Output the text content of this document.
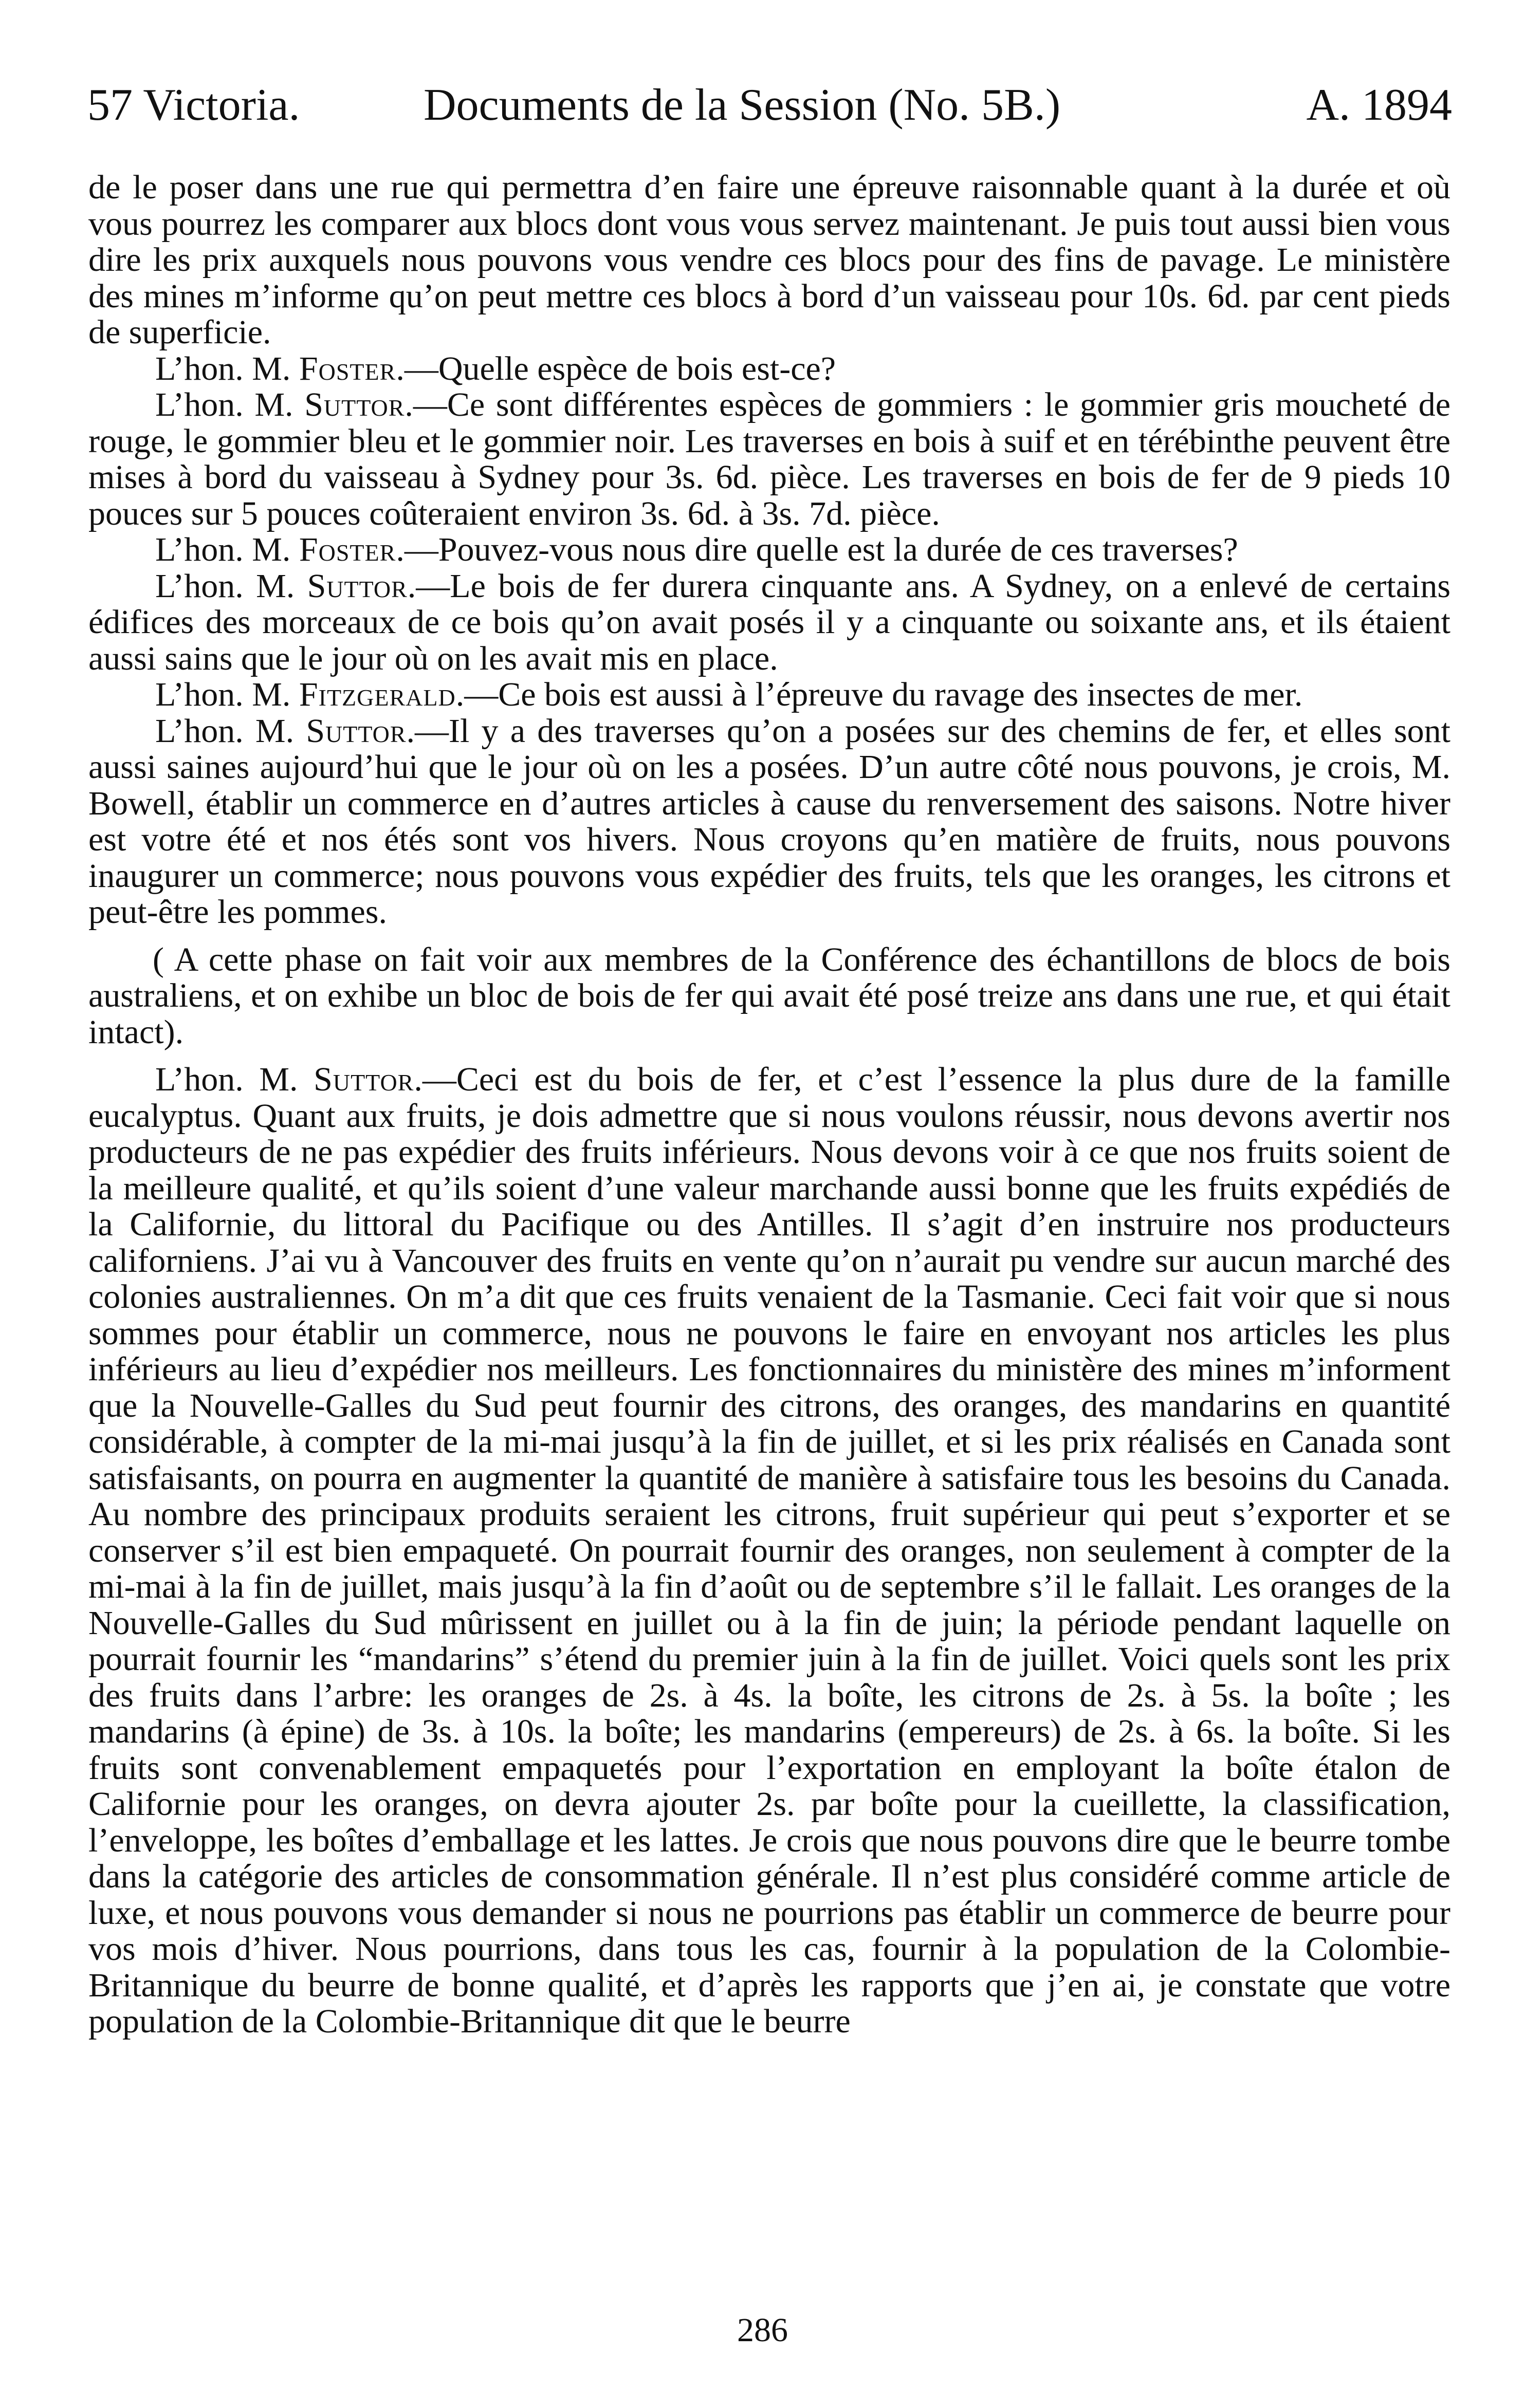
57 Victoria.	Documents de la Session (No. 5B.)	A. 1894

de le poser dans une rue qui permettra d’en faire une épreuve raisonnable quant à la durée et où vous pourrez les comparer aux blocs dont vous vous servez maintenant. Je puis tout aussi bien vous dire les prix auxquels nous pouvons vous vendre ces blocs pour des fins de pavage. Le ministère des mines m’informe qu’on peut mettre ces blocs à bord d’un vaisseau pour 10s. 6d. par cent pieds de superficie.

L’hon. M. Foster.—Quelle espèce de bois est-ce?

L’hon. M. Suttor.—Ce sont différentes espèces de gommiers : le gommier gris moucheté de rouge, le gommier bleu et le gommier noir. Les traverses en bois à suif et en térébinthe peuvent être mises à bord du vaisseau à Sydney pour 3s. 6d. pièce. Les traverses en bois de fer de 9 pieds 10 pouces sur 5 pouces coûteraient environ 3s. 6d. à 3s. 7d. pièce.

L’hon. M. Foster.—Pouvez-vous nous dire quelle est la durée de ces traverses?

L’hon. M. Suttor.—Le bois de fer durera cinquante ans. A Sydney, on a enlevé de certains édifices des morceaux de ce bois qu’on avait posés il y a cinquante ou soixante ans, et ils étaient aussi sains que le jour où on les avait mis en place.

L’hon. M. Fitzgerald.—Ce bois est aussi à l’épreuve du ravage des insectes de mer.

L’hon. M. Suttor.—Il y a des traverses qu’on a posées sur des chemins de fer, et elles sont aussi saines aujourd’hui que le jour où on les a posées. D’un autre côté nous pouvons, je crois, M. Bowell, établir un commerce en d’autres articles à cause du renversement des saisons. Notre hiver est votre été et nos étés sont vos hivers. Nous croyons qu’en matière de fruits, nous pouvons inaugurer un commerce; nous pouvons vous expédier des fruits, tels que les oranges, les citrons et peut-être les pommes.

( A cette phase on fait voir aux membres de la Conférence des échantillons de blocs de bois australiens, et on exhibe un bloc de bois de fer qui avait été posé treize ans dans une rue, et qui était intact).

L’hon. M. Suttor.—Ceci est du bois de fer, et c’est l’essence la plus dure de la famille eucalyptus. Quant aux fruits, je dois admettre que si nous voulons réussir, nous devons avertir nos producteurs de ne pas expédier des fruits inférieurs. Nous devons voir à ce que nos fruits soient de la meilleure qualité, et qu’ils soient d’une valeur marchande aussi bonne que les fruits expédiés de la Californie, du littoral du Pacifique ou des Antilles. Il s’agit d’en instruire nos producteurs californiens. J’ai vu à Vancouver des fruits en vente qu’on n’aurait pu vendre sur aucun marché des colonies australiennes. On m’a dit que ces fruits venaient de la Tasmanie. Ceci fait voir que si nous sommes pour établir un commerce, nous ne pouvons le faire en envoyant nos articles les plus inférieurs au lieu d’expédier nos meilleurs. Les fonctionnaires du ministère des mines m’informent que la Nouvelle-Galles du Sud peut fournir des citrons, des oranges, des mandarins en quantité considérable, à compter de la mi-mai jusqu’à la fin de juillet, et si les prix réalisés en Canada sont satisfaisants, on pourra en augmenter la quantité de manière à satisfaire tous les besoins du Canada. Au nombre des principaux produits seraient les citrons, fruit supérieur qui peut s’exporter et se conserver s’il est bien empaqueté. On pourrait fournir des oranges, non seulement à compter de la mi-mai à la fin de juillet, mais jusqu’à la fin d’août ou de septembre s’il le fallait. Les oranges de la Nouvelle-Galles du Sud mûrissent en juillet ou à la fin de juin; la période pendant laquelle on pourrait fournir les “mandarins” s’étend du premier juin à la fin de juillet. Voici quels sont les prix des fruits dans l’arbre: les oranges de 2s. à 4s. la boîte, les citrons de 2s. à 5s. la boîte ; les mandarins (à épine) de 3s. à 10s. la boîte; les mandarins (empereurs) de 2s. à 6s. la boîte. Si les fruits sont convenablement empaquetés pour l’exportation en employant la boîte étalon de Californie pour les oranges, on devra ajouter 2s. par boîte pour la cueillette, la classification, l’enveloppe, les boîtes d’emballage et les lattes. Je crois que nous pouvons dire que le beurre tombe dans la catégorie des articles de consommation générale. Il n’est plus considéré comme article de luxe, et nous pouvons vous demander si nous ne pourrions pas établir un commerce de beurre pour vos mois d’hiver. Nous pourrions, dans tous les cas, fournir à la population de la Colombie-Britannique du beurre de bonne qualité, et d’après les rapports que j’en ai, je constate que votre population de la Colombie-Britannique dit que le beurre

286
